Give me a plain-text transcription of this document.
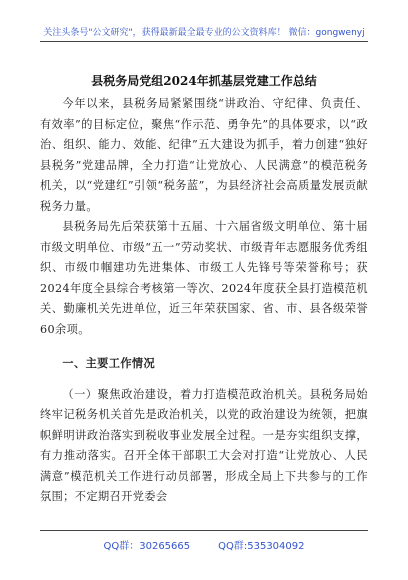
关注头条号"公文研究"，获得最新最全最专业的公文资料库！ 微信：gongwenyj
县税务局党组2024年抓基层党建工作总结

今年以来，县税务局紧紧围绕“讲政治、守纪律、负责任、有效率”的目标定位，聚焦“作示范、勇争先”的具体要求，以“政治、组织、能力、效能、纪律”五大建设为抓手，着力创建“独好县税务”党建品牌，全力打造“让党放心、人民满意”的模范税务机关，以“党建红”引领“税务蓝”，为县经济社会高质量发展贡献税务力量。

县税务局先后荣获第十五届、十六届省级文明单位、第十届市级文明单位、市级“五一”劳动奖状、市级青年志愿服务优秀组织、市级巾帼建功先进集体、市级工人先锋号等荣誉称号；获2024年度全县综合考核第一等次、2024年度获全县打造模范机关、勤廉机关先进单位，近三年荣获国家、省、市、县各级荣誉60余项。

一、主要工作情况

（一）聚焦政治建设，着力打造模范政治机关。县税务局始终牢记税务机关首先是政治机关，以党的政治建设为统领，把旗帜鲜明讲政治落实到税收事业发展全过程。一是夯实组织支撑，有力推动落实。召开全体干部职工大会对打造“让党放心、人民满意”模范机关工作进行动员部署，形成全局上下共参与的工作氛围；不定期召开党委会

QQ群：30265665	QQ群:535304092
